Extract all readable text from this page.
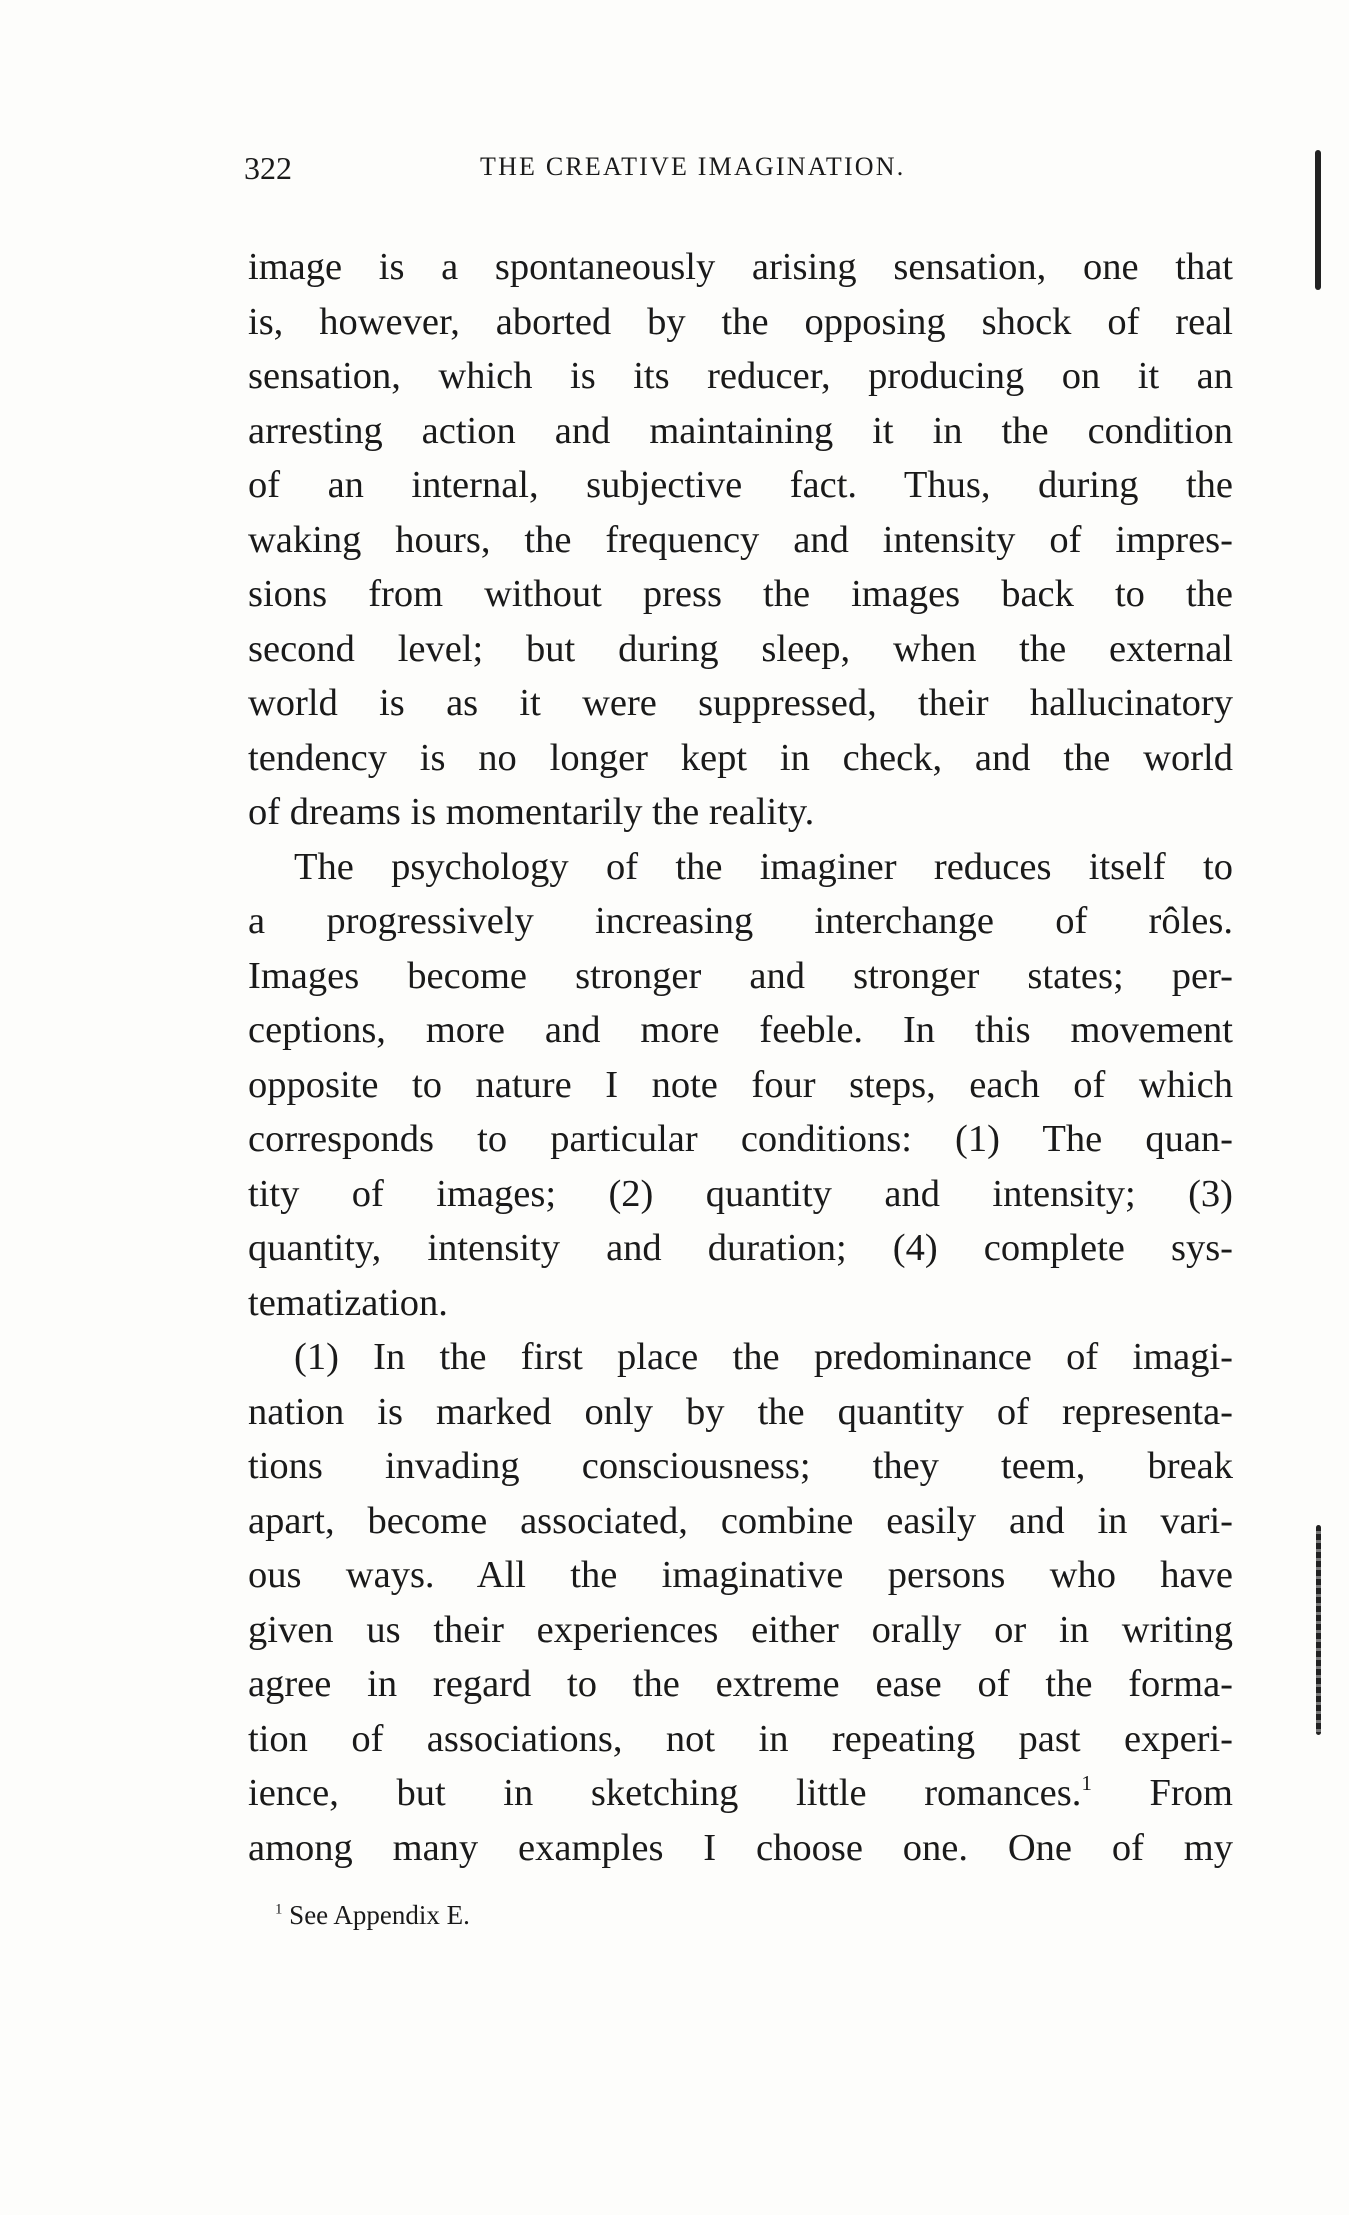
322	THE CREATIVE IMAGINATION.
image is a spontaneously arising sensation, one that
is, however, aborted by the opposing shock of real
sensation, which is its reducer, producing on it an
arresting action and maintaining it in the condition
of an internal, subjective fact. Thus, during the
waking hours, the frequency and intensity of impres-
sions from without press the images back to the
second level; but during sleep, when the external
world is as it were suppressed, their hallucinatory
tendency is no longer kept in check, and the world
of dreams is momentarily the reality.
The psychology of the imaginer reduces itself to
a progressively increasing interchange of rôles.
Images become stronger and stronger states; per-
ceptions, more and more feeble. In this movement
opposite to nature I note four steps, each of which
corresponds to particular conditions: (1) The quan-
tity of images; (2) quantity and intensity; (3)
quantity, intensity and duration; (4) complete sys-
tematization.
(1) In the first place the predominance of imagi-
nation is marked only by the quantity of representa-
tions invading consciousness; they teem, break
apart, become associated, combine easily and in vari-
ous ways. All the imaginative persons who have
given us their experiences either orally or in writing
agree in regard to the extreme ease of the forma-
tion of associations, not in repeating past experi-
ience, but in sketching little romances.$^1$ From
among many examples I choose one. One of my
$^1$ See Appendix E.
